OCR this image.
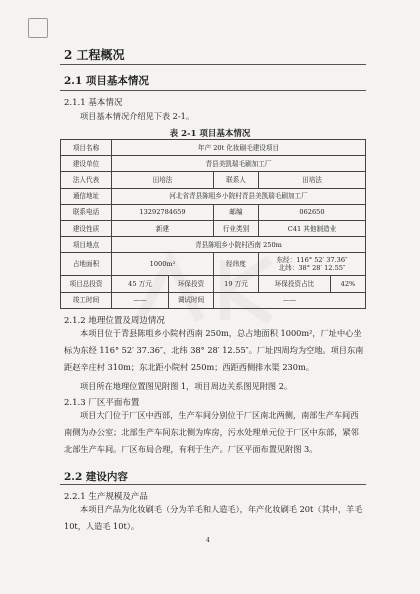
2 工程概况
2.1 项目基本情况
2.1.1 基本情况
项目基本情况介绍见下表 2-1。
表 2-1 项目基本情况
项目名称	年产 20t 化妆刷毛建设项目				
建设单位	青县美凯瑞毛刷加工厂				
法人代表	田培法		联系人	田培法	
通信地址	河北省青县陈咀乡小院村青县美凯瑞毛刷加工厂				
联系电话	13292784659		邮编	062650	
建设性质	新建		行业类别	C41 其他制造业	
项目地点	青县陈咀乡小院村西南 250m				
占地面积	1000m²		经纬度	东经：116° 52′ 37.36″
北纬：38° 28′ 12.55″	

项目总投资	45 万元	环保投资	19 万元	环保投资占比	42%
竣工时间	——	调试时间	——		
2.1.2 地理位置及周边情况
本项目位于青县陈咀乡小院村西南 250m，总占地面积 1000m²，厂址中心坐标为东经 116° 52′ 37.36″、北纬 38° 28′ 12.55″。厂址四周均为空地。项目东南距赵辛庄村 310m；东北距小院村 250m；西距西侧排水渠 230m。
项目所在地理位置图见附图 1，项目周边关系图见附图 2。
2.1.3 厂区平面布置
项目大门位于厂区中西部，生产车间分别位于厂区南北两侧，南部生产车间西南侧为办公室；北部生产车间东北侧为库房，污水处理单元位于厂区中东部，紧邻北部生产车间。厂区布局合理，有利于生产。厂区平面布置见附图 3。
2.2 建设内容
2.2.1 生产规模及产品
本项目产品为化妆刷毛（分为羊毛和人造毛），年产化妆刷毛 20t（其中，羊毛 10t，人造毛 10t）。
4
